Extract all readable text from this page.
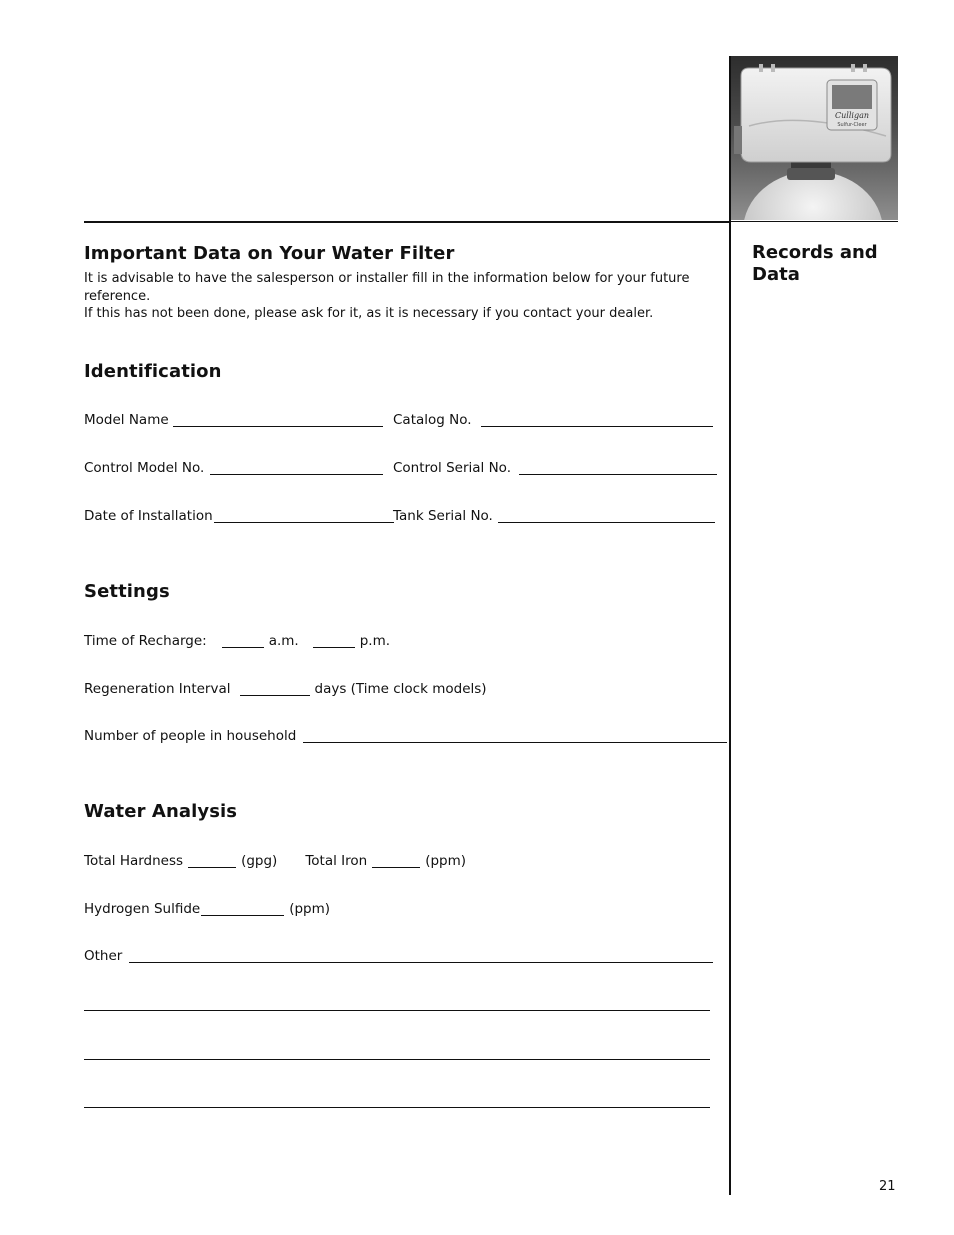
Culligan
Sulfur-Cleer
Records and Data
Important Data on Your Water Filter
It is advisable to have the salesperson or installer fill in the information below for your future reference.
If this has not been done, please ask for it, as it is necessary if you contact your dealer.
Identification
Model Name	Catalog No.
Control Model No.	Control Serial No.
Date of Installation	Tank Serial No.
Settings
Time of Recharge:	a.m.	p.m.
Regeneration Interval	days (Time clock models)
Number of people in household
Water Analysis
Total Hardness	(gpg) Total Iron	(ppm)
Hydrogen Sulfide	(ppm)
Other
21
